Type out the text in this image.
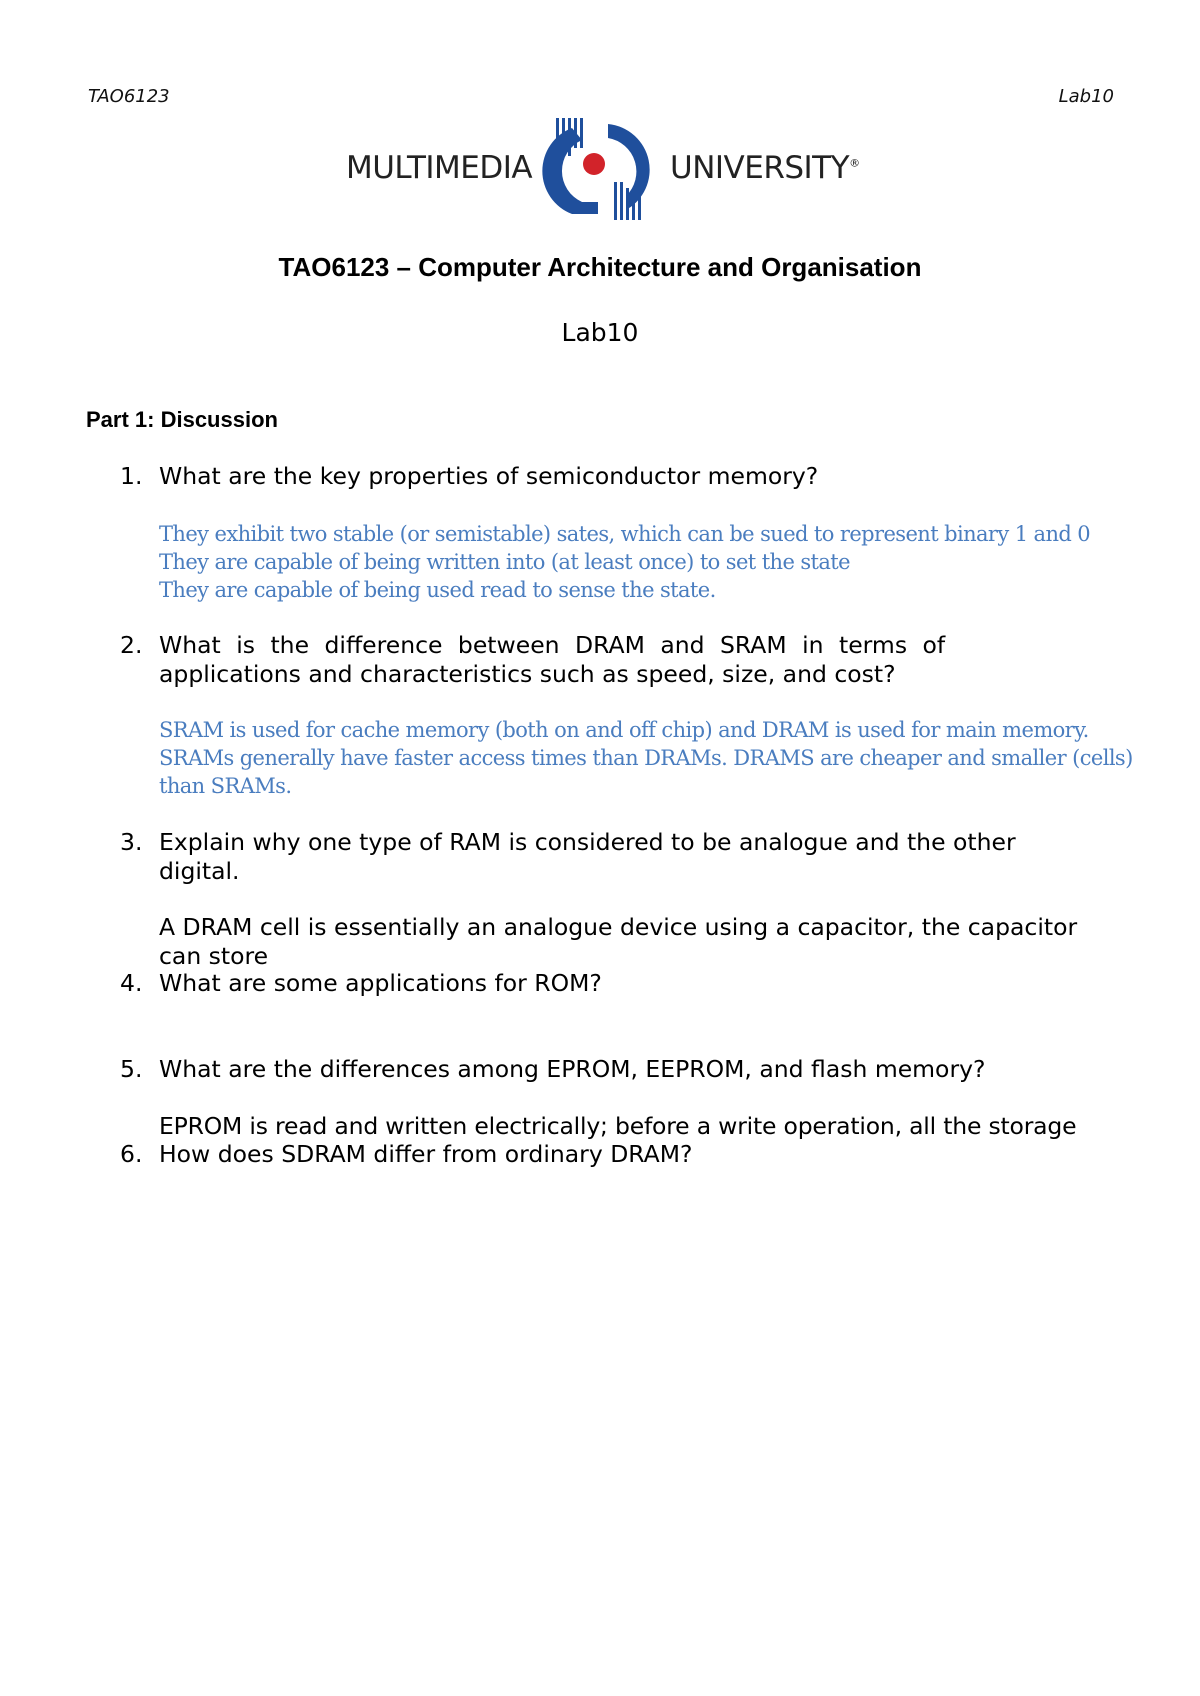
TAO6123	Lab10
MULTIMEDIA	UNIVERSITY®
TAO6123 – Computer Architecture and Organisation
Lab10
Part 1: Discussion
1. What are the key properties of semiconductor memory?
They exhibit two stable (or semistable) sates, which can be sued to represent binary 1 and 0
They are capable of being written into (at least once) to set the state
They are capable of being used read to sense the state.
2. What is the difference between DRAM and SRAM in terms of
applications and characteristics such as speed, size, and cost?
SRAM is used for cache memory (both on and off chip) and DRAM is used for main memory.
SRAMs generally have faster access times than DRAMs. DRAMS are cheaper and smaller (cells)
than SRAMs.
3. Explain why one type of RAM is considered to be analogue and the other
digital.
A DRAM cell is essentially an analogue device using a capacitor, the capacitor
can store
4. What are some applications for ROM?
5. What are the differences among EPROM, EEPROM, and flash memory?
EPROM is read and written electrically; before a write operation, all the storage
6. How does SDRAM differ from ordinary DRAM?
